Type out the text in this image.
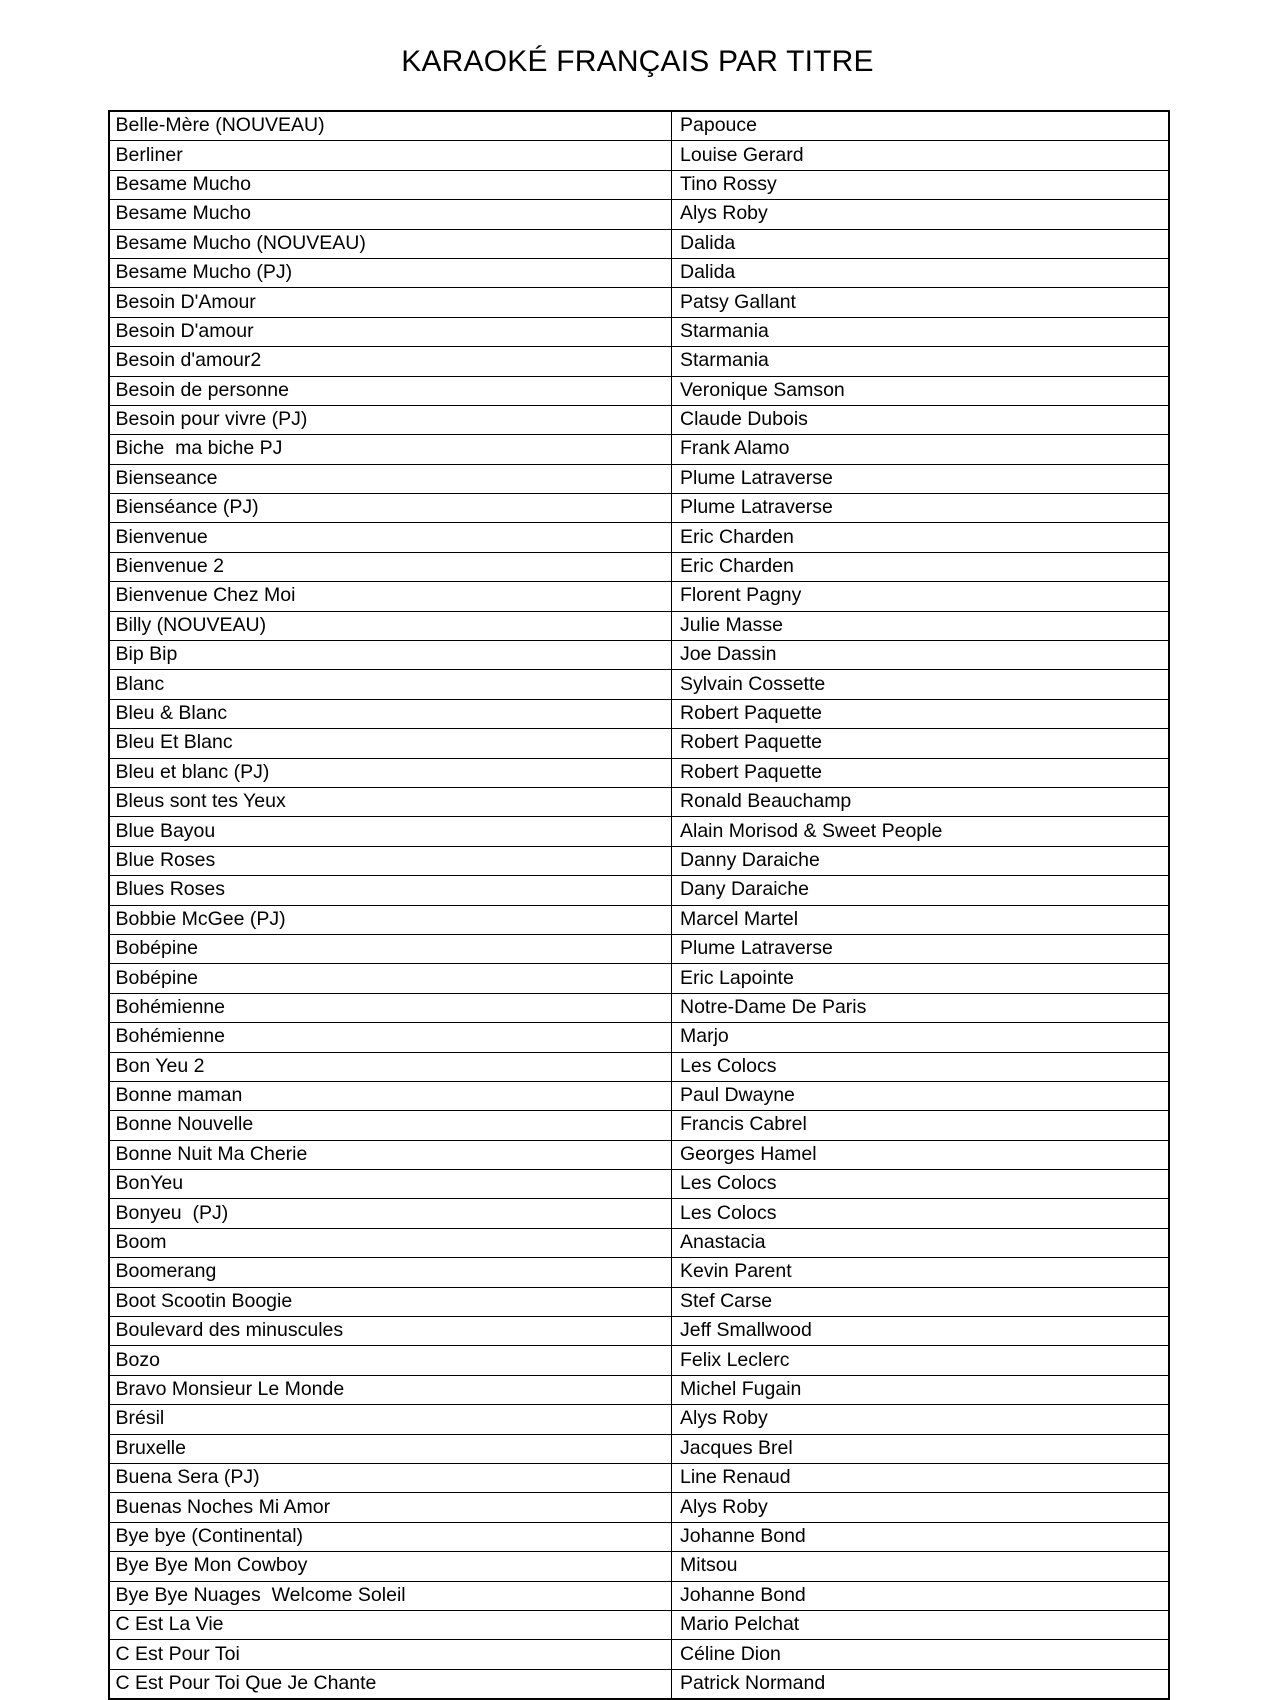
KARAOKÉ FRANÇAIS PAR TITRE
Belle-Mère (NOUVEAU)	Papouce
Berliner	Louise Gerard
Besame Mucho	Tino Rossy
Besame Mucho	Alys Roby
Besame Mucho (NOUVEAU)	Dalida
Besame Mucho (PJ)	Dalida
Besoin D'Amour	Patsy Gallant
Besoin D'amour	Starmania
Besoin d'amour2	Starmania
Besoin de personne	Veronique Samson
Besoin pour vivre (PJ)	Claude Dubois
Biche  ma biche PJ	Frank Alamo
Bienseance	Plume Latraverse
Bienséance (PJ)	Plume Latraverse
Bienvenue	Eric Charden
Bienvenue 2	Eric Charden
Bienvenue Chez Moi	Florent Pagny
Billy (NOUVEAU)	Julie Masse
Bip Bip	Joe Dassin
Blanc	Sylvain Cossette
Bleu & Blanc	Robert Paquette
Bleu Et Blanc	Robert Paquette
Bleu et blanc (PJ)	Robert Paquette
Bleus sont tes Yeux	Ronald Beauchamp
Blue Bayou	Alain Morisod & Sweet People
Blue Roses	Danny Daraiche
Blues Roses	Dany Daraiche
Bobbie McGee (PJ)	Marcel Martel
Bobépine	Plume Latraverse
Bobépine	Eric Lapointe
Bohémienne	Notre-Dame De Paris
Bohémienne	Marjo
Bon Yeu 2	Les Colocs
Bonne maman	Paul Dwayne
Bonne Nouvelle	Francis Cabrel
Bonne Nuit Ma Cherie	Georges Hamel
BonYeu	Les Colocs
Bonyeu  (PJ)	Les Colocs
Boom	Anastacia
Boomerang	Kevin Parent
Boot Scootin Boogie	Stef Carse
Boulevard des minuscules	Jeff Smallwood
Bozo	Felix Leclerc
Bravo Monsieur Le Monde	Michel Fugain
Brésil	Alys Roby
Bruxelle	Jacques Brel
Buena Sera (PJ)	Line Renaud
Buenas Noches Mi Amor	Alys Roby
Bye bye (Continental)	Johanne Bond
Bye Bye Mon Cowboy	Mitsou
Bye Bye Nuages  Welcome Soleil	Johanne Bond
C Est La Vie	Mario Pelchat
C Est Pour Toi	Céline Dion
C Est Pour Toi Que Je Chante	Patrick Normand
